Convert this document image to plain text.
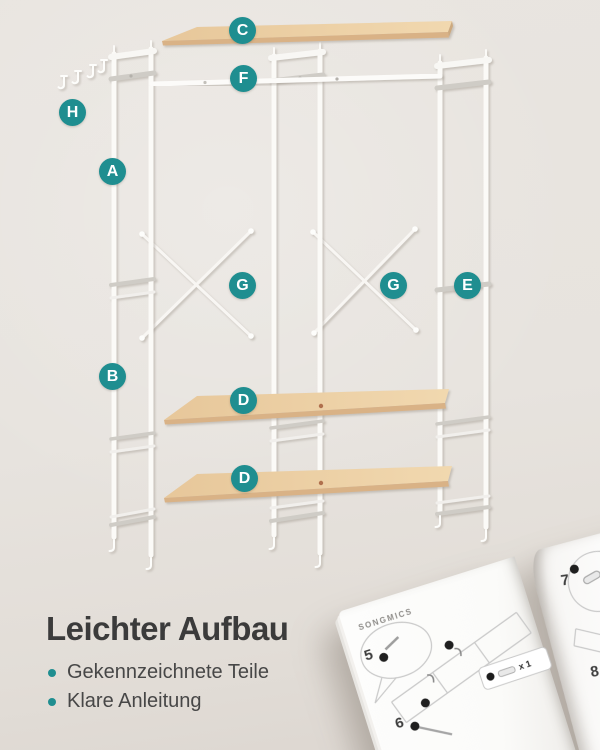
C
F
H
A
B
G	G	E
D
D
Leichter Aufbau
Gekennzeichnete Teile
Klare Anleitung
SONGMICS
5
6
x 1
7
8
